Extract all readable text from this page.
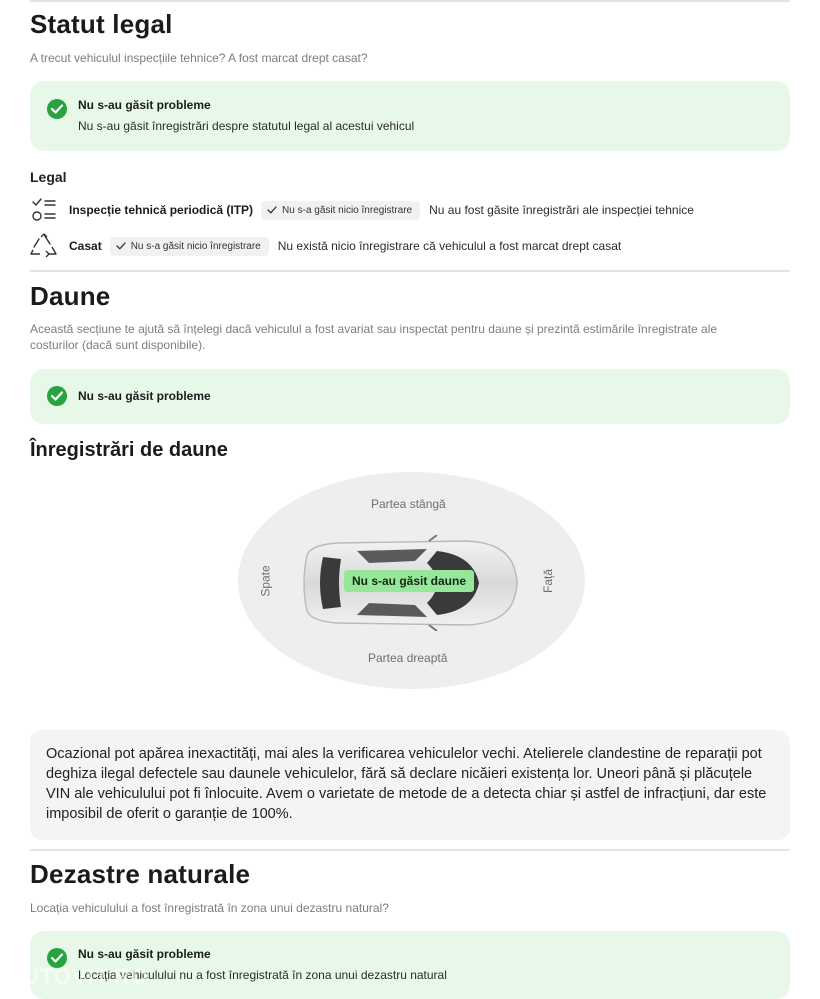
Statut legal
A trecut vehiculul inspecțiile tehnice? A fost marcat drept casat?
Nu s-au găsit probleme
Nu s-au găsit înregistrări despre statutul legal al acestui vehicul
Legal
Inspecție tehnică periodică (ITP)	Nu s-a găsit nicio înregistrare Nu au fost găsite înregistrări ale inspecției tehnice
Casat	Nu s-a găsit nicio înregistrare Nu există nicio înregistrare că vehiculul a fost marcat drept casat
Daune
Această secțiune te ajută să înțelegi dacă vehiculul a fost avariat sau inspectat pentru daune și prezintă estimările înregistrate ale
costurilor (dacă sunt disponibile).
Nu s-au găsit probleme
Înregistrări de daune
Partea stângă
Partea dreaptă
Spate	Față
Nu s-au găsit daune

Ocazional pot apărea inexactități, mai ales la verificarea vehiculelor vechi. Atelierele clandestine de reparații pot deghiza ilegal defectele sau daunele vehiculelor, fără să declare nicăieri existența lor. Uneori până și plăcuțele VIN ale vehiculului pot fi înlocuite. Avem o varietate de metode de a detecta chiar și astfel de infracțiuni, dar este imposibil de oferit o garanție de 100%.

Dezastre naturale
Locația vehiculului a fost înregistrată în zona unui dezastru natural?
Nu s-au găsit probleme
Locația vehiculului nu a fost înregistrată în zona unui dezastru natural
AUTOVIT.RO
